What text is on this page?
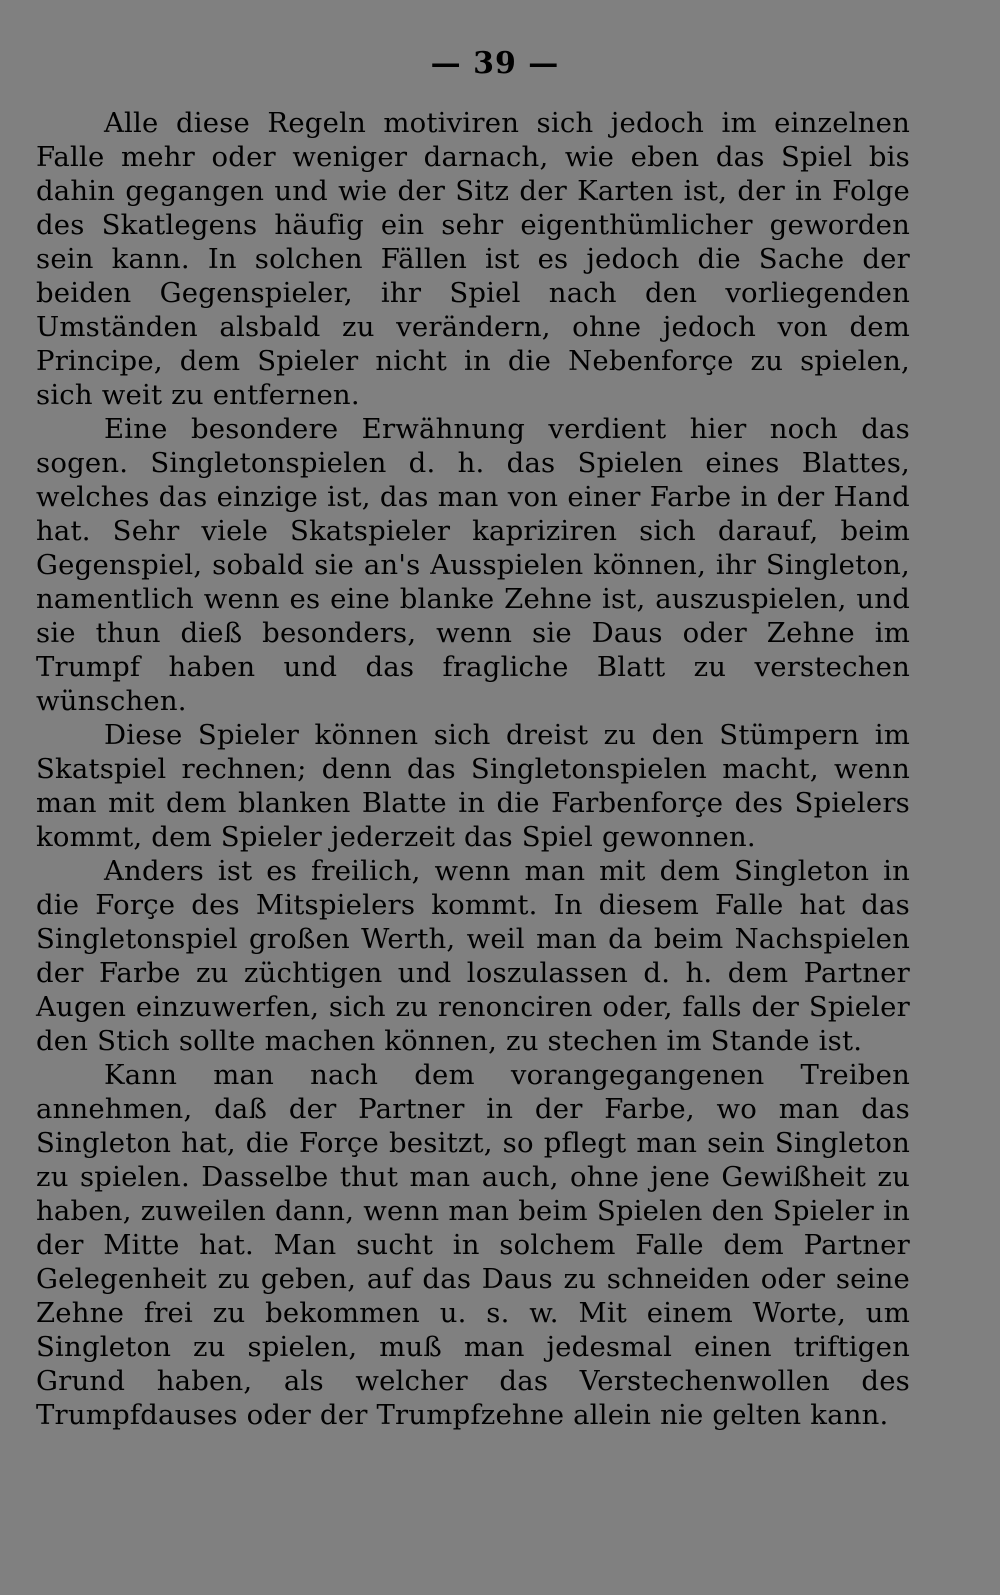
— 39 —

Alle diese Regeln motiviren sich jedoch im einzelnen Falle mehr oder weniger darnach, wie eben das Spiel bis dahin gegangen und wie der Sitz der Karten ist, der in Folge des Skatlegens häufig ein sehr eigenthümlicher geworden sein kann. In solchen Fällen ist es jedoch die Sache der beiden Gegenspieler, ihr Spiel nach den vorliegenden Umständen alsbald zu verändern, ohne jedoch von dem Principe, dem Spieler nicht in die Nebenforçe zu spielen, sich weit zu entfernen.

Eine besondere Erwähnung verdient hier noch das sogen. Singletonspielen d. h. das Spielen eines Blattes, welches das einzige ist, das man von einer Farbe in der Hand hat. Sehr viele Skatspieler kapriziren sich darauf, beim Gegenspiel, sobald sie an's Ausspielen können, ihr Singleton, namentlich wenn es eine blanke Zehne ist, auszuspielen, und sie thun dieß besonders, wenn sie Daus oder Zehne im Trumpf haben und das fragliche Blatt zu verstechen wünschen.

Diese Spieler können sich dreist zu den Stümpern im Skatspiel rechnen; denn das Singletonspielen macht, wenn man mit dem blanken Blatte in die Farbenforçe des Spielers kommt, dem Spieler jederzeit das Spiel gewonnen.

Anders ist es freilich, wenn man mit dem Singleton in die Forçe des Mitspielers kommt. In diesem Falle hat das Singletonspiel großen Werth, weil man da beim Nachspielen der Farbe zu züchtigen und loszulassen d. h. dem Partner Augen einzuwerfen, sich zu renonciren oder, falls der Spieler den Stich sollte machen können, zu stechen im Stande ist.

Kann man nach dem vorangegangenen Treiben annehmen, daß der Partner in der Farbe, wo man das Singleton hat, die Forçe besitzt, so pflegt man sein Singleton zu spielen. Dasselbe thut man auch, ohne jene Gewißheit zu haben, zuweilen dann, wenn man beim Spielen den Spieler in der Mitte hat. Man sucht in solchem Falle dem Partner Gelegenheit zu geben, auf das Daus zu schneiden oder seine Zehne frei zu bekommen u. s. w. Mit einem Worte, um Singleton zu spielen, muß man jedesmal einen triftigen Grund haben, als welcher das Verstechenwollen des Trumpfdauses oder der Trumpfzehne allein nie gelten kann.
